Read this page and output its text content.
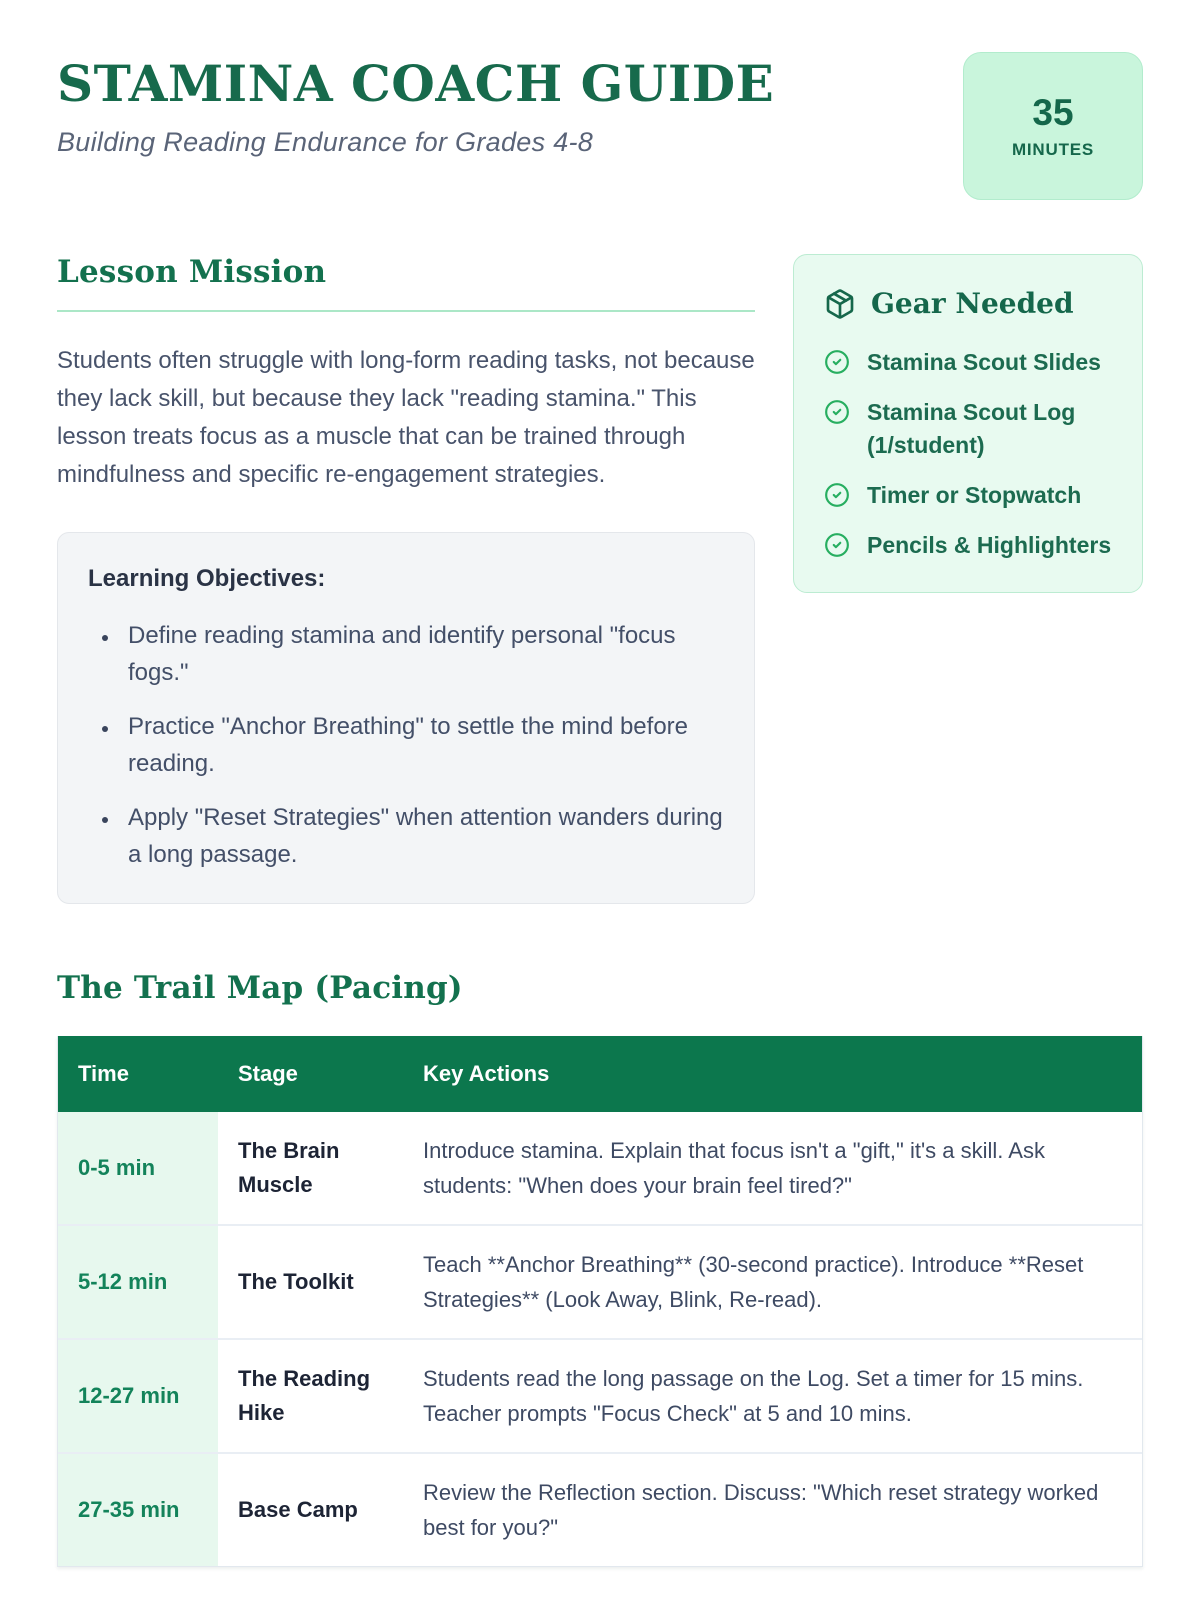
STAMINA COACH GUIDE
Building Reading Endurance for Grades 4-8
35
MINUTES
Lesson Mission

Students often struggle with long-form reading tasks, not because they lack skill, but because they lack "reading stamina." This lesson treats focus as a muscle that can be trained through mindfulness and specific re-engagement strategies.

Learning Objectives:
• Define reading stamina and identify personal "focus fogs."
• Practice "Anchor Breathing" to settle the mind before reading.
• Apply "Reset Strategies" when attention wanders during a long passage.
Gear Needed
Stamina Scout Slides
Stamina Scout Log (1/student)
Timer or Stopwatch
Pencils & Highlighters
The Trail Map (Pacing)
Time	Stage	Key Actions
0-5 min	The Brain Muscle	Introduce stamina. Explain that focus isn't a "gift," it's a skill. Ask students: "When does your brain feel tired?"
5-12 min	The Toolkit	Teach **Anchor Breathing** (30-second practice). Introduce **Reset Strategies** (Look Away, Blink, Re-read).
12-27 min	The Reading Hike	Students read the long passage on the Log. Set a timer for 15 mins. Teacher prompts "Focus Check" at 5 and 10 mins.
27-35 min	Base Camp	Review the Reflection section. Discuss: "Which reset strategy worked best for you?"
